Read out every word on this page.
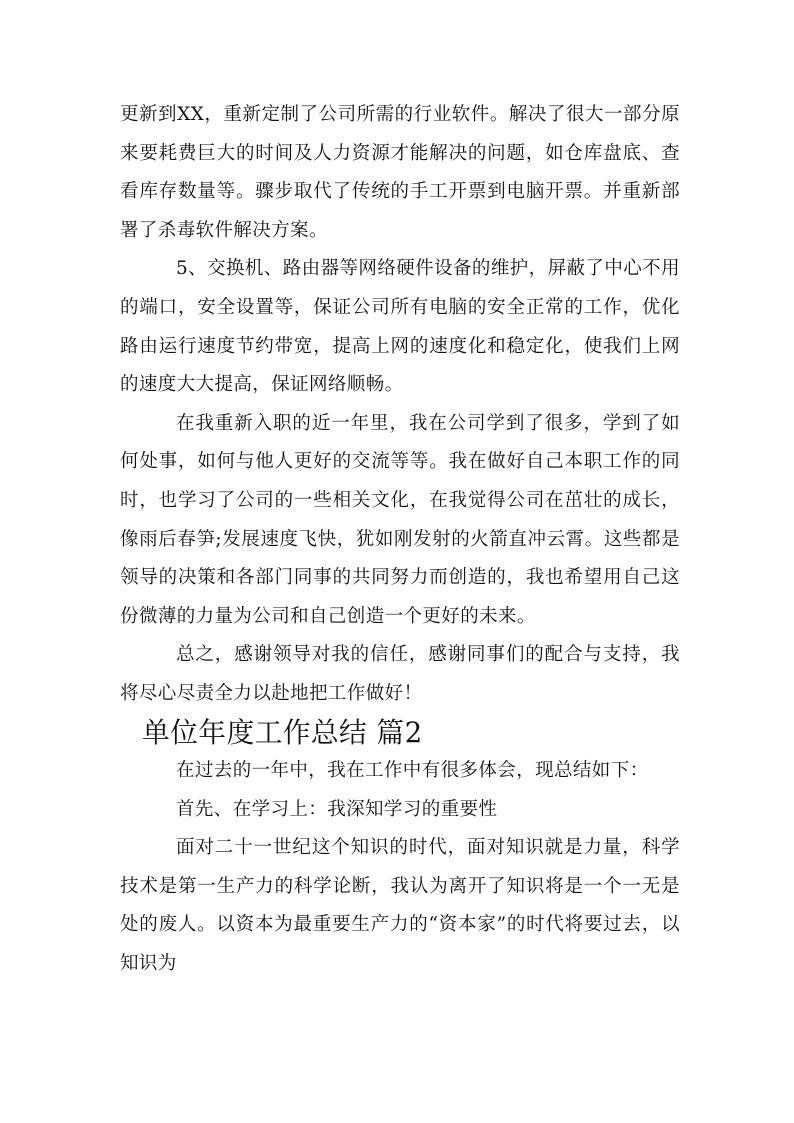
更新到XX，重新定制了公司所需的行业软件。解决了很大一部分原来要耗费巨大的时间及人力资源才能解决的问题，如仓库盘底、查看库存数量等。骤步取代了传统的手工开票到电脑开票。并重新部署了杀毒软件解决方案。

5、交换机、路由器等网络硬件设备的维护，屏蔽了中心不用的端口，安全设置等，保证公司所有电脑的安全正常的工作，优化路由运行速度节约带宽，提高上网的速度化和稳定化，使我们上网的速度大大提高，保证网络顺畅。

在我重新入职的近一年里，我在公司学到了很多，学到了如何处事，如何与他人更好的交流等等。我在做好自己本职工作的同时，也学习了公司的一些相关文化，在我觉得公司在茁壮的成长，像雨后春笋;发展速度飞快，犹如刚发射的火箭直冲云霄。这些都是领导的决策和各部门同事的共同努力而创造的，我也希望用自己这份微薄的力量为公司和自己创造一个更好的未来。

总之，感谢领导对我的信任，感谢同事们的配合与支持，我将尽心尽责全力以赴地把工作做好！

单位年度工作总结 篇2

在过去的一年中，我在工作中有很多体会，现总结如下：

首先、在学习上：我深知学习的重要性

面对二十一世纪这个知识的时代，面对知识就是力量，科学技术是第一生产力的科学论断，我认为离开了知识将是一个一无是处的废人。以资本为最重要生产力的“资本家”的时代将要过去，以知识为
